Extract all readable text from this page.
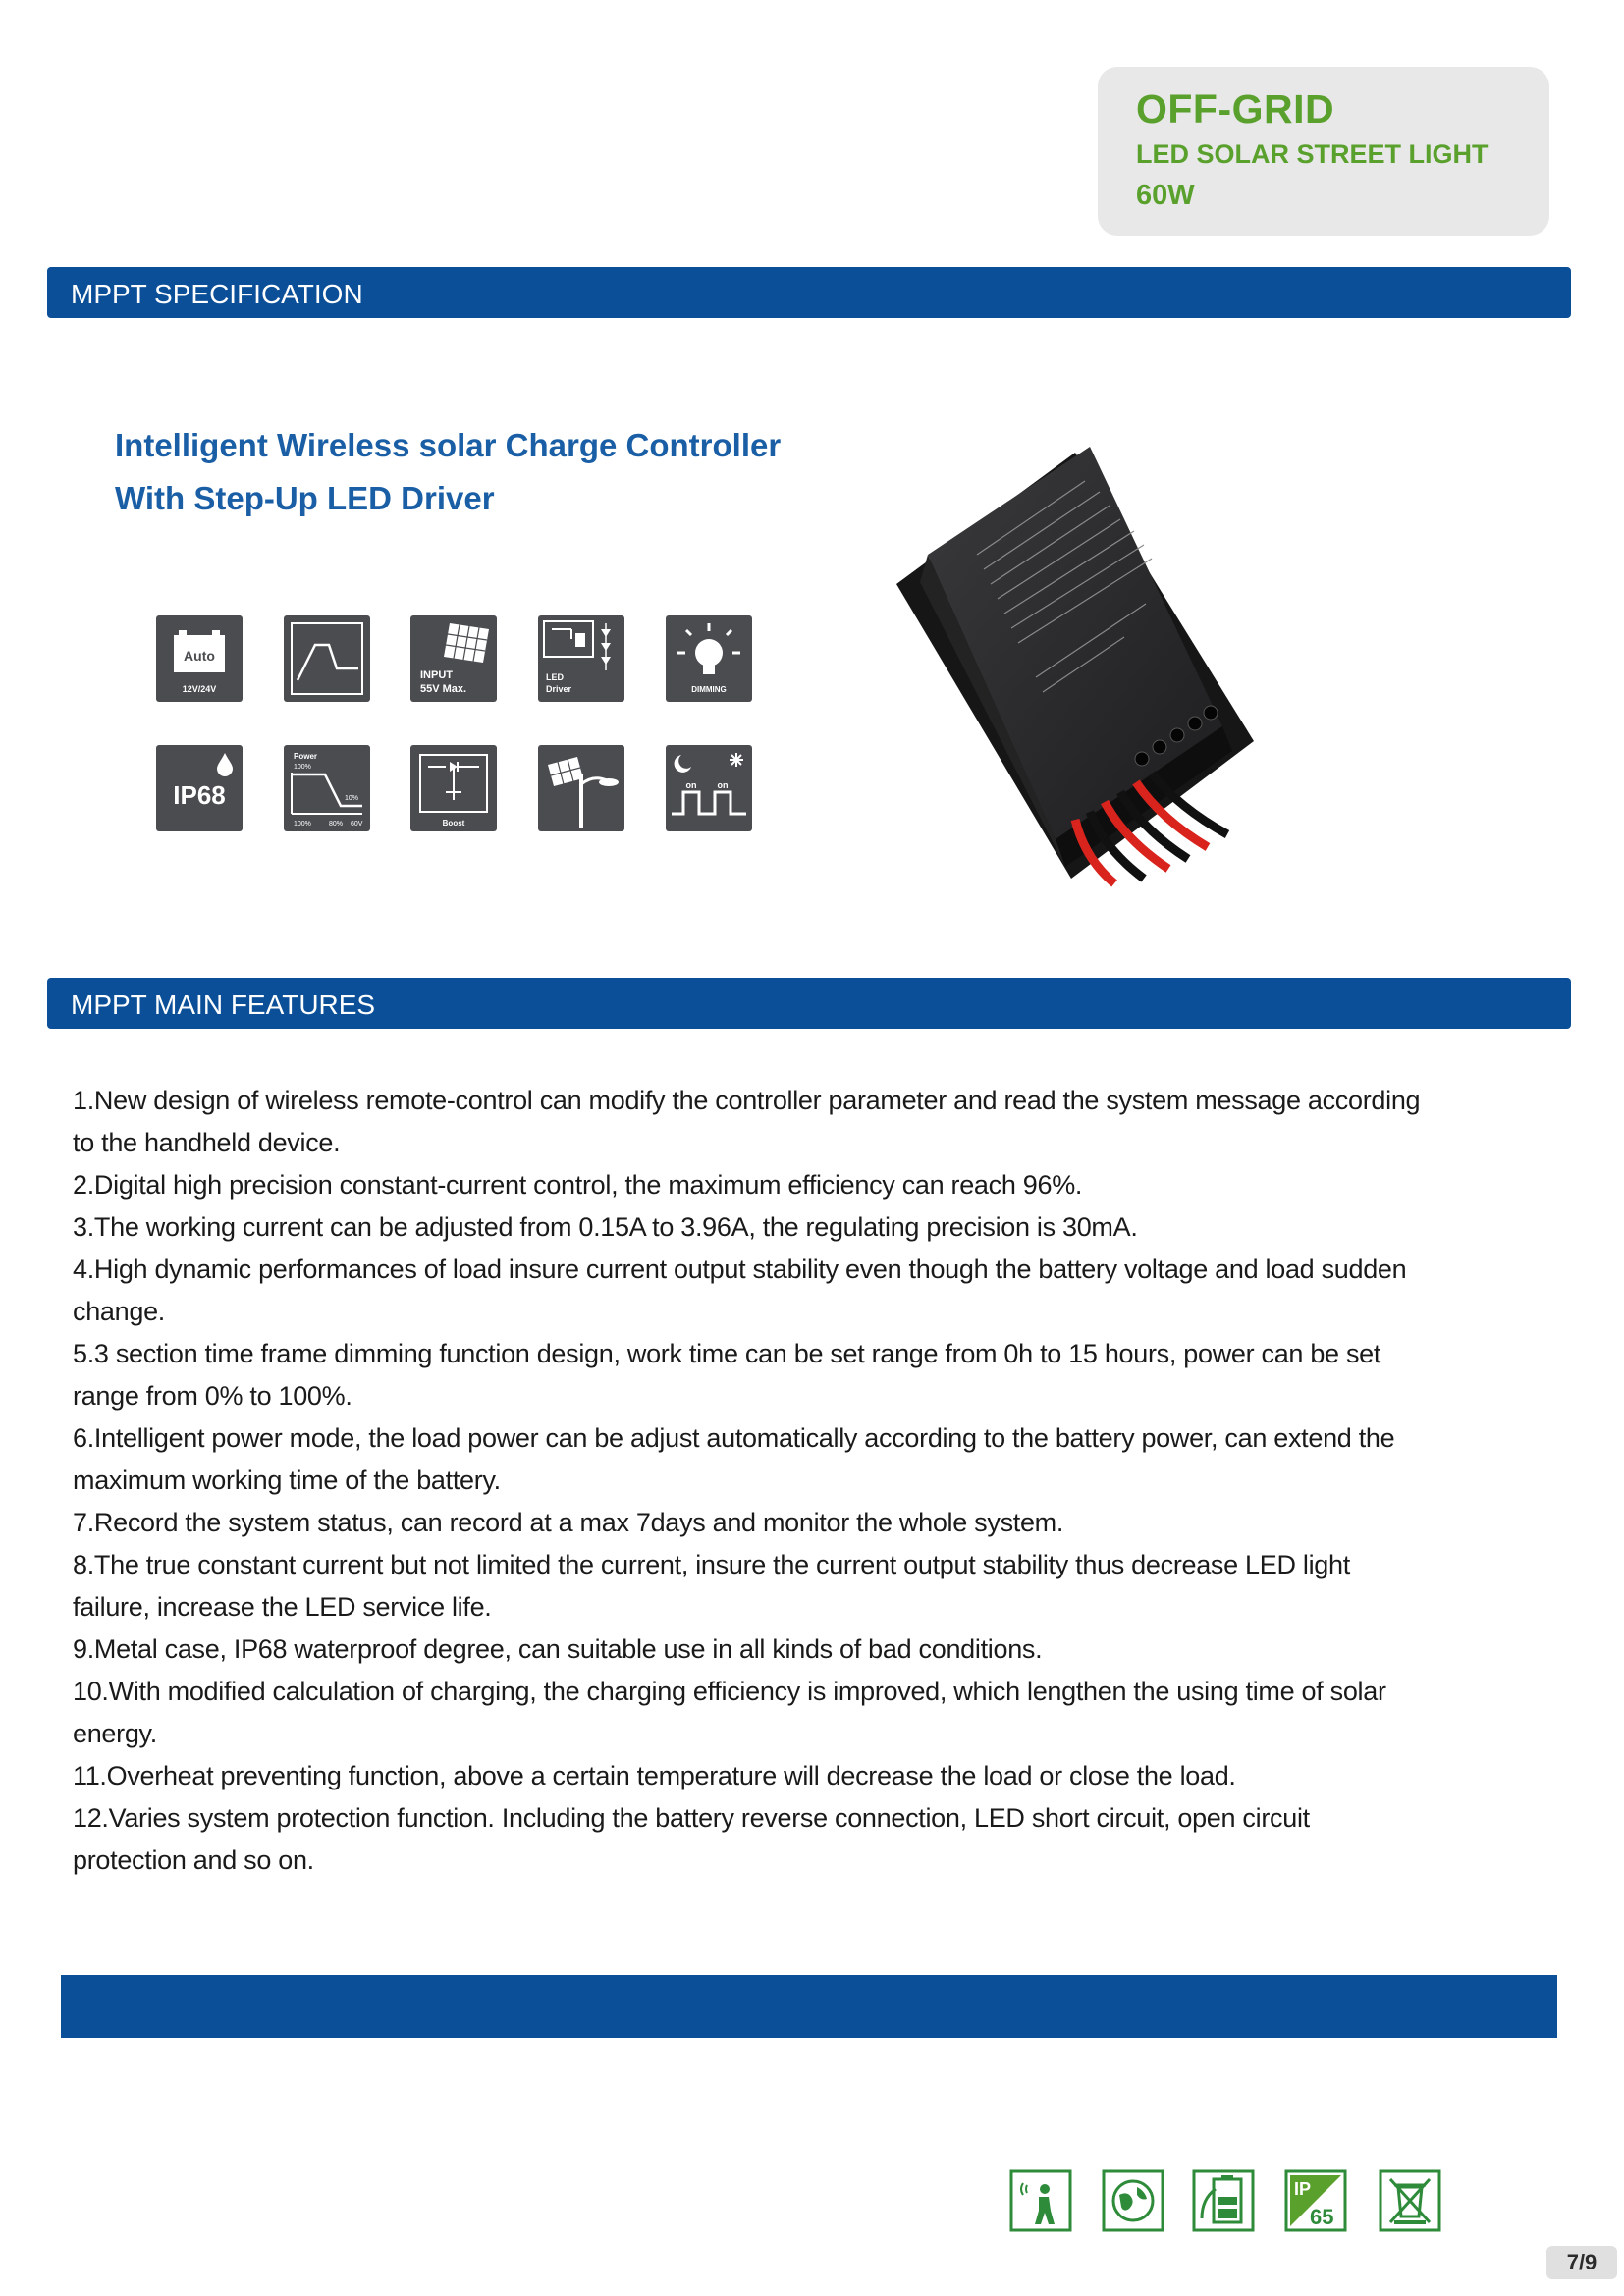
OFF-GRID
LED SOLAR STREET LIGHT
60W
MPPT SPECIFICATION
Intelligent Wireless solar Charge Controller
With Step-Up LED Driver
Auto
12V/24V
INPUT
55V Max.
LED
Driver	DIMMING
IP68
Power
100%
10%
100%	80% 60V	Boost
on on
MPPT MAIN FEATURES
1.New design of wireless remote-control can modify the controller parameter and read the system message according to the handheld device.
2.Digital high precision constant-current control, the maximum efficiency can reach 96%.
3.The working current can be adjusted from 0.15A to 3.96A, the regulating precision is 30mA.
4.High dynamic performances of load insure current output stability even though the battery voltage and load sudden change.
5.3 section time frame dimming function design, work time can be set range from 0h to 15 hours, power can be set range from 0% to 100%.
6.Intelligent power mode, the load power can be adjust automatically according to the battery power, can extend the maximum working time of the battery.
7.Record the system status, can record at a max 7days and monitor the whole system.
8.The true constant current but not limited the current, insure the current output stability thus decrease LED light failure, increase the LED service life.
9.Metal case, IP68 waterproof degree, can suitable use in all kinds of bad conditions.
10.With modified calculation of charging, the charging efficiency is improved, which lengthen the using time of solar energy.
11.Overheat preventing function, above a certain temperature will decrease the load or close the load.
12.Varies system protection function. Including the battery reverse connection, LED short circuit, open circuit protection and so on.
IP
65
7/9
